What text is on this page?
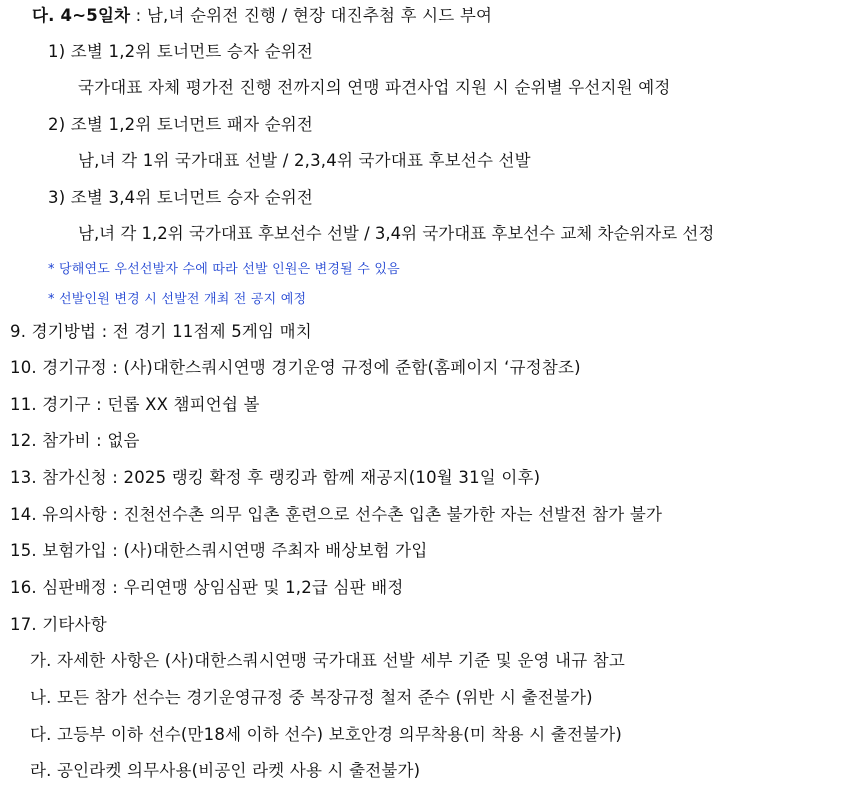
다. 4~5일차 : 남,녀 순위전 진행 / 현장 대진추첨 후 시드 부여
1) 조별 1,2위 토너먼트 승자 순위전
국가대표 자체 평가전 진행 전까지의 연맹 파견사업 지원 시 순위별 우선지원 예정
2) 조별 1,2위 토너먼트 패자 순위전
남,녀 각 1위 국가대표 선발 / 2,3,4위 국가대표 후보선수 선발
3) 조별 3,4위 토너먼트 승자 순위전
남,녀 각 1,2위 국가대표 후보선수 선발 / 3,4위 국가대표 후보선수 교체 차순위자로 선정
* 당해연도 우선선발자 수에 따라 선발 인원은 변경될 수 있음
* 선발인원 변경 시 선발전 개최 전 공지 예정
9. 경기방법 : 전 경기 11점제 5게임 매치
10. 경기규정 : (사)대한스쿼시연맹 경기운영 규정에 준함(홈페이지 ‘규정참조)
11. 경기구 : 던롭 XX 챔피언쉽 볼
12. 참가비 : 없음
13. 참가신청 : 2025 랭킹 확정 후 랭킹과 함께 재공지(10월 31일 이후)
14. 유의사항 : 진천선수촌 의무 입촌 훈련으로 선수촌 입촌 불가한 자는 선발전 참가 불가
15. 보험가입 : (사)대한스쿼시연맹 주최자 배상보험 가입
16. 심판배정 : 우리연맹 상임심판 및 1,2급 심판 배정
17. 기타사항
가. 자세한 사항은 (사)대한스쿼시연맹 국가대표 선발 세부 기준 및 운영 내규 참고
나. 모든 참가 선수는 경기운영규정 중 복장규정 철저 준수 (위반 시 출전불가)
다. 고등부 이하 선수(만18세 이하 선수) 보호안경 의무착용(미 착용 시 출전불가)
라. 공인라켓 의무사용(비공인 라켓 사용 시 출전불가)
